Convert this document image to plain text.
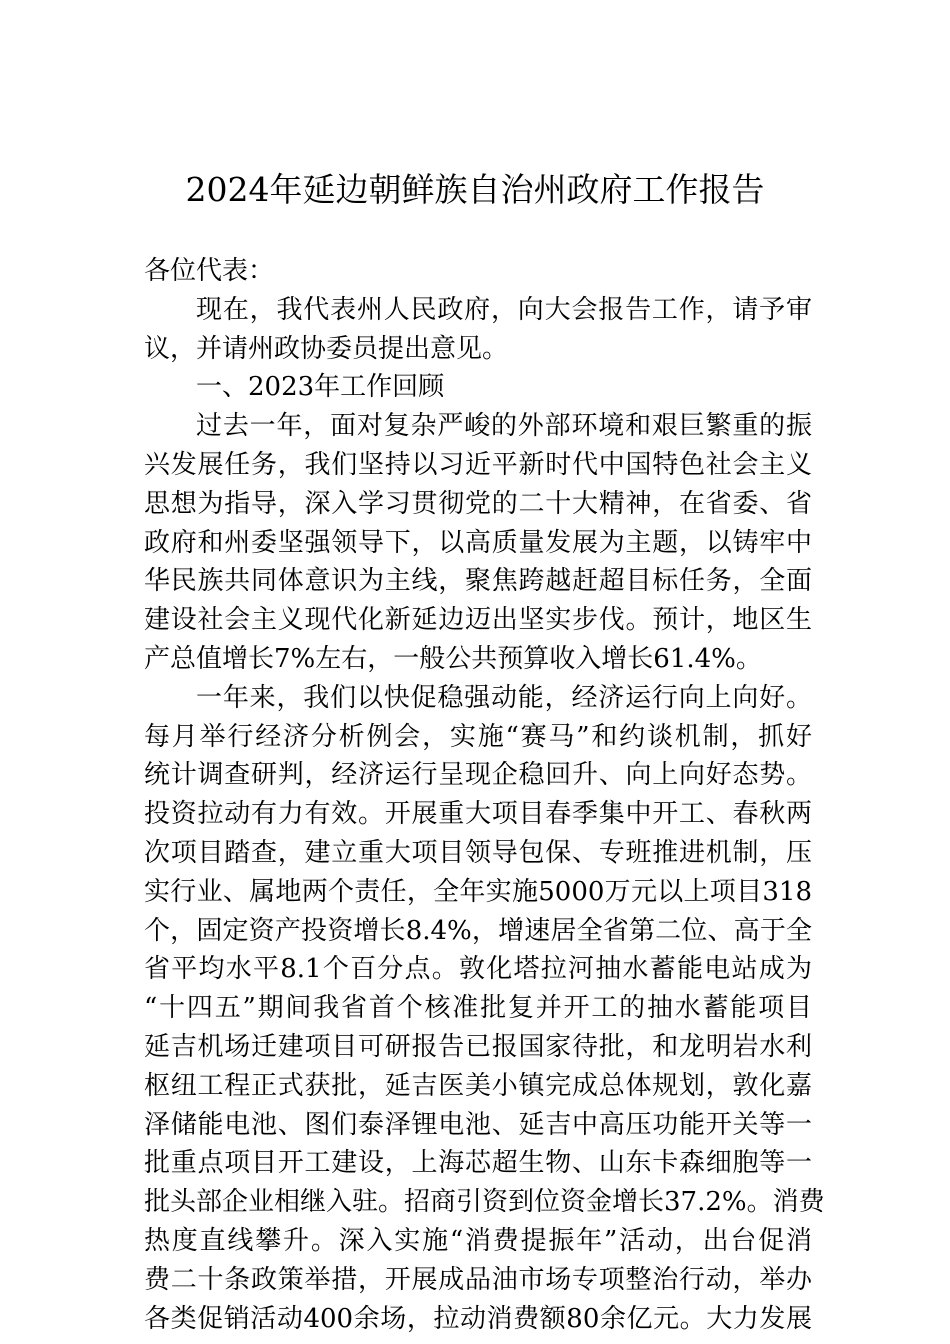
2024年延边朝鲜族自治州政府工作报告
各位代表：
现在，我代表州人民政府，向大会报告工作，请予审
议，并请州政协委员提出意见。
一、2023年工作回顾
过去一年，面对复杂严峻的外部环境和艰巨繁重的振
兴发展任务，我们坚持以习近平新时代中国特色社会主义
思想为指导，深入学习贯彻党的二十大精神，在省委、省
政府和州委坚强领导下，以高质量发展为主题，以铸牢中
华民族共同体意识为主线，聚焦跨越赶超目标任务，全面
建设社会主义现代化新延边迈出坚实步伐。预计，地区生
产总值增长7%左右，一般公共预算收入增长61.4%。
一年来，我们以快促稳强动能，经济运行向上向好。
每月举行经济分析例会，实施“赛马”和约谈机制，抓好
统计调查研判，经济运行呈现企稳回升、向上向好态势。
投资拉动有力有效。开展重大项目春季集中开工、春秋两
次项目踏查，建立重大项目领导包保、专班推进机制，压
实行业、属地两个责任，全年实施5000万元以上项目318
个，固定资产投资增长8.4%，增速居全省第二位、高于全
省平均水平8.1个百分点。敦化塔拉河抽水蓄能电站成为
“十四五”期间我省首个核准批复并开工的抽水蓄能项目
延吉机场迁建项目可研报告已报国家待批，和龙明岩水利
枢纽工程正式获批，延吉医美小镇完成总体规划，敦化嘉
泽储能电池、图们泰泽锂电池、延吉中高压功能开关等一
批重点项目开工建设，上海芯超生物、山东卡森细胞等一
批头部企业相继入驻。招商引资到位资金增长37.2%。消费
热度直线攀升。深入实施“消费提振年”活动，出台促消
费二十条政策举措，开展成品油市场专项整治行动，举办
各类促销活动400余场，拉动消费额80余亿元。大力发展
